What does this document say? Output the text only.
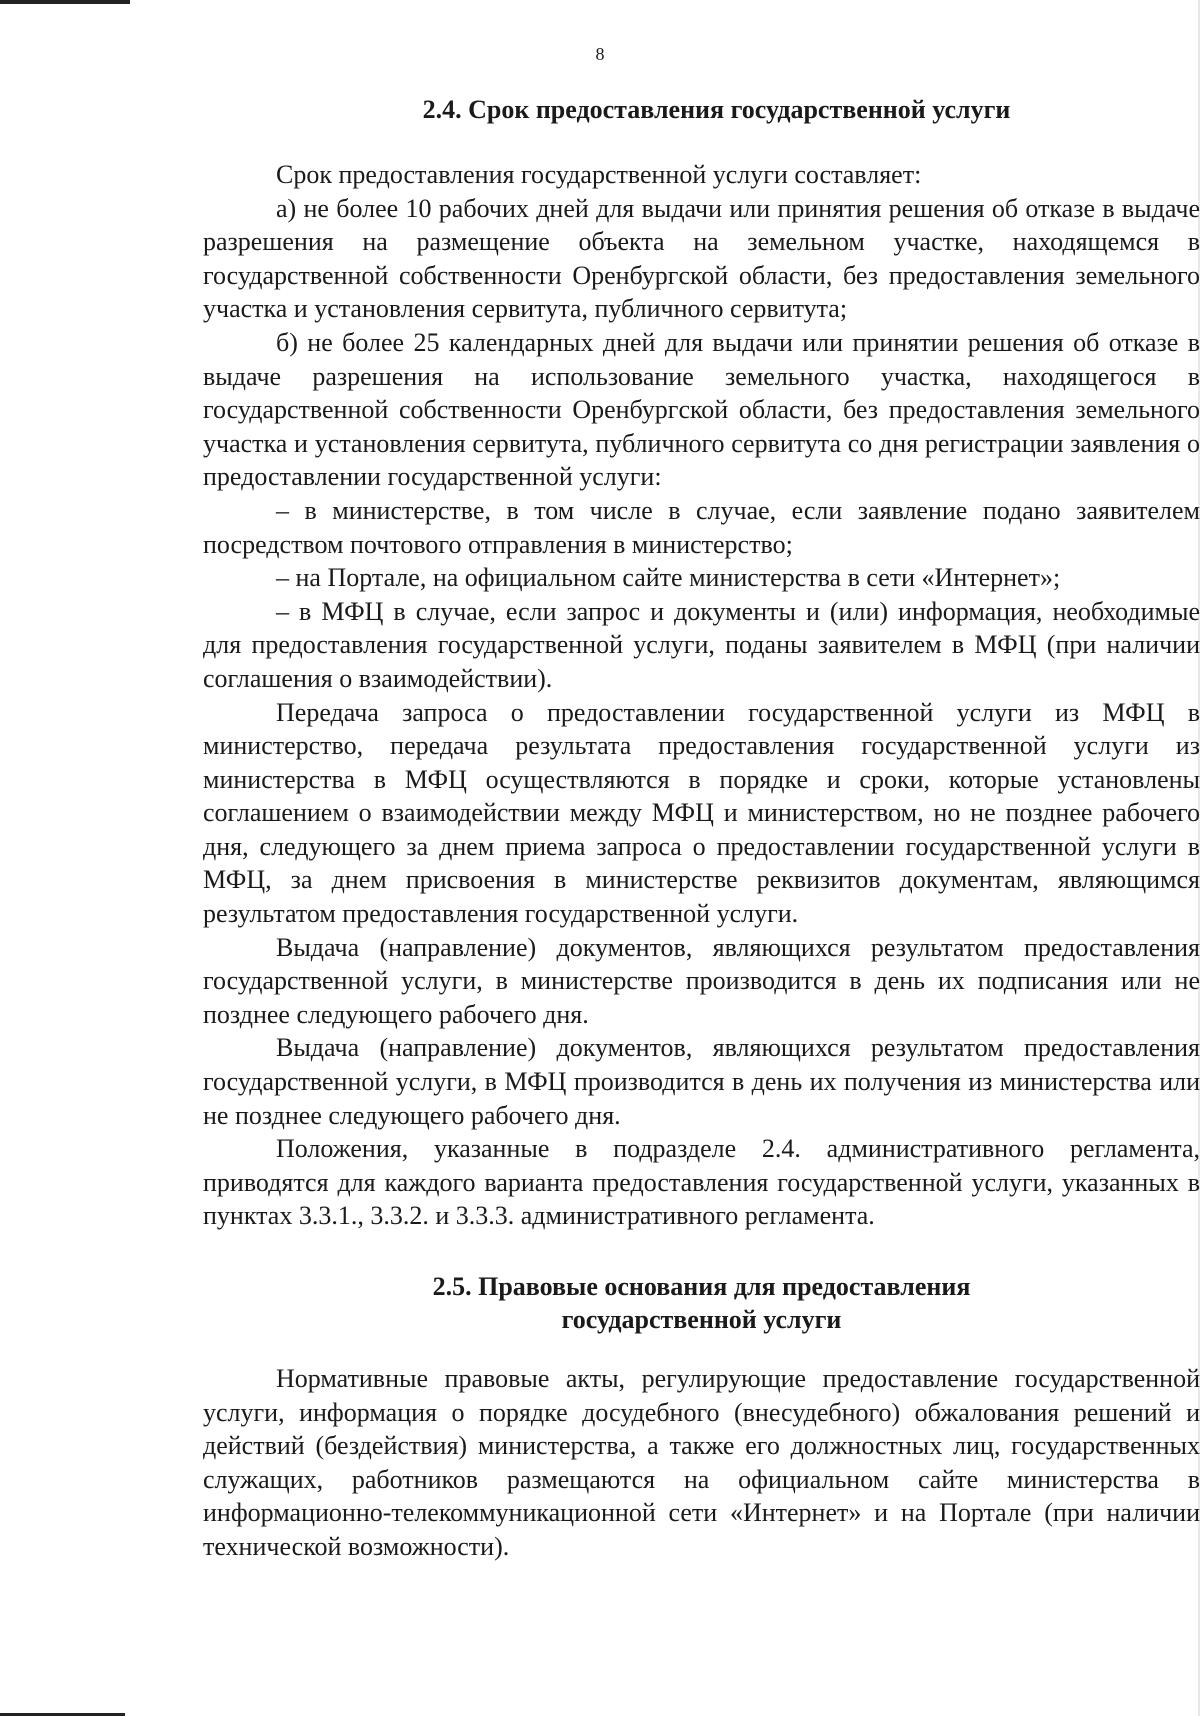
8
2.4. Срок предоставления государственной услуги

Срок предоставления государственной услуги составляет:

а) не более 10 рабочих дней для выдачи или принятия решения об отказе в выдаче разрешения на размещение объекта на земельном участке, находящемся в государственной собственности Оренбургской области, без предоставления земельного участка и установления сервитута, публичного сервитута;

б) не более 25 календарных дней для выдачи или принятии решения об отказе в выдаче разрешения на использование земельного участка, находящегося в государственной собственности Оренбургской области, без предоставления земельного участка и установления сервитута, публичного сервитута со дня регистрации заявления о предоставлении государственной услуги:

– в министерстве, в том числе в случае, если заявление подано заявителем посредством почтового отправления в министерство;

– на Портале, на официальном сайте министерства в сети «Интернет»;

– в МФЦ в случае, если запрос и документы и (или) информация, необходимые для предоставления государственной услуги, поданы заявителем в МФЦ (при наличии соглашения о взаимодействии).

Передача запроса о предоставлении государственной услуги из МФЦ в министерство, передача результата предоставления государственной услуги из министерства в МФЦ осуществляются в порядке и сроки, которые установлены соглашением о взаимодействии между МФЦ и министерством, но не позднее рабочего дня, следующего за днем приема запроса о предоставлении государственной услуги в МФЦ, за днем присвоения в министерстве реквизитов документам, являющимся результатом предоставления государственной услуги.

Выдача (направление) документов, являющихся результатом предоставления государственной услуги, в министерстве производится в день их подписания или не позднее следующего рабочего дня.

Выдача (направление) документов, являющихся результатом предоставления государственной услуги, в МФЦ производится в день их получения из министерства или не позднее следующего рабочего дня.

Положения, указанные в подразделе 2.4. административного регламента, приводятся для каждого варианта предоставления государственной услуги, указанных в пунктах 3.3.1., 3.3.2. и 3.3.3. административного регламента.

2.5. Правовые основания для предоставления
государственной услуги

Нормативные правовые акты, регулирующие предоставление государственной услуги, информация о порядке досудебного (внесудебного) обжалования решений и действий (бездействия) министерства, а также его должностных лиц, государственных служащих, работников размещаются на официальном сайте министерства в информационно-телекоммуникационной сети «Интернет» и на Портале (при наличии технической возможности).
